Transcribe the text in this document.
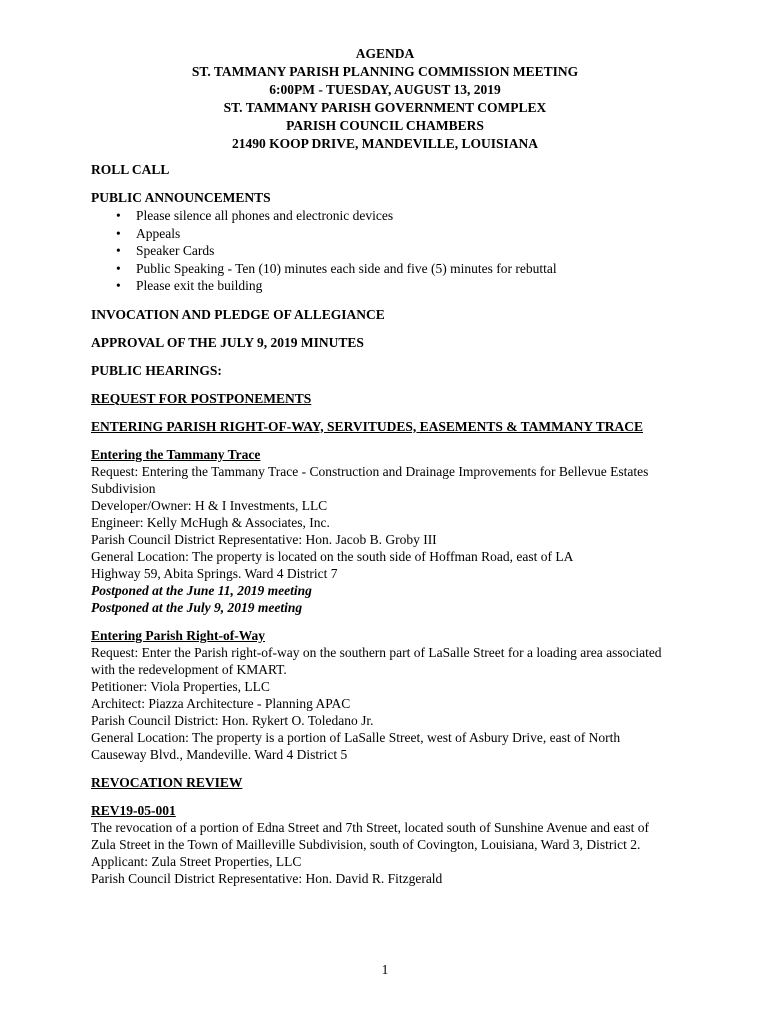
AGENDA
ST. TAMMANY PARISH PLANNING COMMISSION MEETING
6:00PM - TUESDAY, AUGUST 13, 2019
ST. TAMMANY PARISH GOVERNMENT COMPLEX
PARISH COUNCIL CHAMBERS
21490 KOOP DRIVE, MANDEVILLE, LOUISIANA

ROLL CALL

PUBLIC ANNOUNCEMENTS

• Please silence all phones and electronic devices
• Appeals
• Speaker Cards
• Public Speaking - Ten (10) minutes each side and five (5) minutes for rebuttal
• Please exit the building

INVOCATION AND PLEDGE OF ALLEGIANCE

APPROVAL OF THE JULY 9, 2019 MINUTES

PUBLIC HEARINGS:

REQUEST FOR POSTPONEMENTS

ENTERING PARISH RIGHT-OF-WAY, SERVITUDES, EASEMENTS & TAMMANY TRACE

Entering the Tammany Trace

Request: Entering the Tammany Trace - Construction and Drainage Improvements for Bellevue Estates

Subdivision

Developer/Owner: H & I Investments, LLC

Engineer: Kelly McHugh & Associates, Inc.

Parish Council District Representative: Hon. Jacob B. Groby III

General Location: The property is located on the south side of Hoffman Road, east of LA

Highway 59, Abita Springs. Ward 4 District 7

Postponed at the June 11, 2019 meeting

Postponed at the July 9, 2019 meeting

Entering Parish Right-of-Way

Request: Enter the Parish right-of-way on the southern part of LaSalle Street for a loading area associated

with the redevelopment of KMART.

Petitioner: Viola Properties, LLC

Architect: Piazza Architecture - Planning APAC

Parish Council District: Hon. Rykert O. Toledano Jr.

General Location: The property is a portion of LaSalle Street, west of Asbury Drive, east of North

Causeway Blvd., Mandeville. Ward 4 District 5

REVOCATION REVIEW

REV19-05-001

The revocation of a portion of Edna Street and 7th Street, located south of Sunshine Avenue and east of

Zula Street in the Town of Mailleville Subdivision, south of Covington, Louisiana, Ward 3, District 2.

Applicant: Zula Street Properties, LLC

Parish Council District Representative: Hon. David R. Fitzgerald

1
